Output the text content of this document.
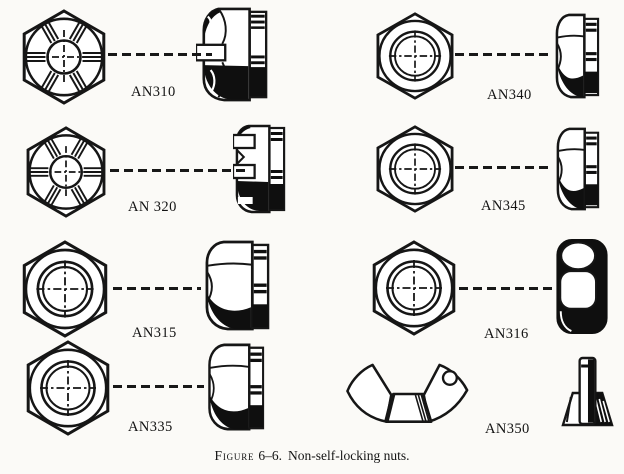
AN310
AN 320
AN315
AN335
AN340
AN345
AN316
AN350
Figure 6–6. Non-self-locking nuts.
